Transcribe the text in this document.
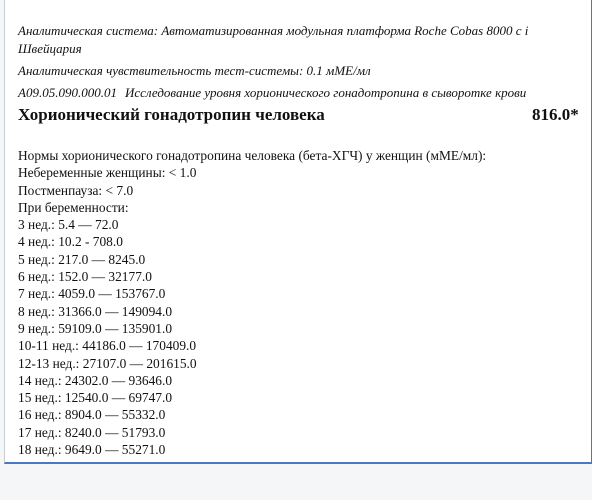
Аналитическая система: Автоматизированная модульная платформа Roche Cobas 8000 с i
Швейцария
Аналитическая чувствительность тест-системы: 0.1 мМЕ/мл
A09.05.090.000.01 Исследование уровня хорионического гонадотропина в сыворотке крови
Хорионический гонадотропин человека	816.0*
Нормы хорионического гонадотропина человека (бета-ХГЧ) у женщин (мМЕ/мл):
Небеременные женщины: < 1.0
Постменпауза: < 7.0
При беременности:
3 нед.: 5.4 — 72.0
4 нед.: 10.2 - 708.0
5 нед.: 217.0 — 8245.0
6 нед.: 152.0 — 32177.0
7 нед.: 4059.0 — 153767.0
8 нед.: 31366.0 — 149094.0
9 нед.: 59109.0 — 135901.0
10-11 нед.: 44186.0 — 170409.0
12-13 нед.: 27107.0 — 201615.0
14 нед.: 24302.0 — 93646.0
15 нед.: 12540.0 — 69747.0
16 нед.: 8904.0 — 55332.0
17 нед.: 8240.0 — 51793.0
18 нед.: 9649.0 — 55271.0
